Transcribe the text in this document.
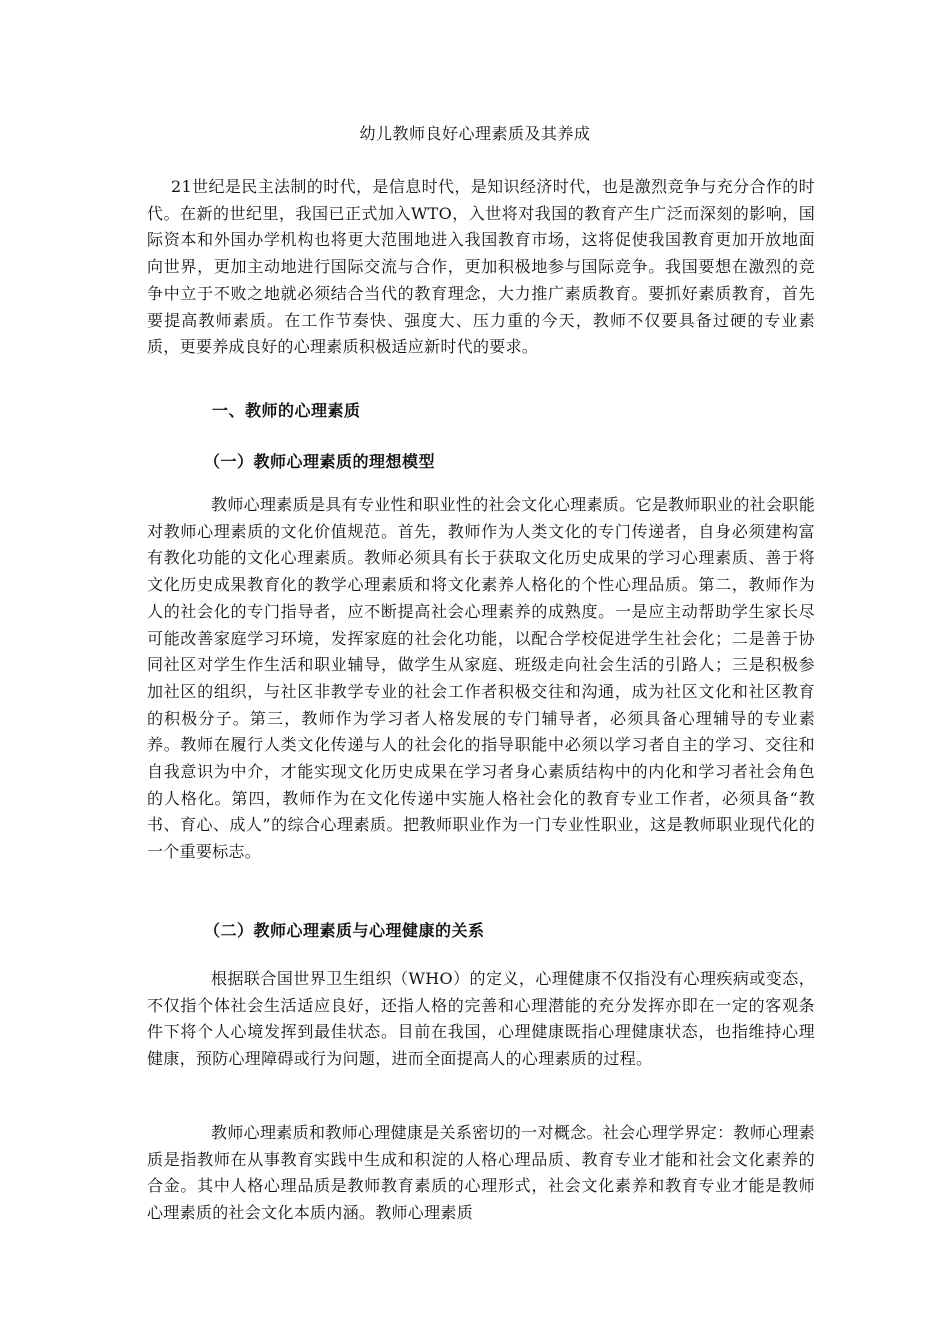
幼儿教师良好心理素质及其养成
21世纪是民主法制的时代，是信息时代，是知识经济时代，也是激烈竞争与充分合作的时代。在新的世纪里，我国已正式加入WTO，入世将对我国的教育产生广泛而深刻的影响，国际资本和外国办学机构也将更大范围地进入我国教育市场，这将促使我国教育更加开放地面向世界，更加主动地进行国际交流与合作，更加积极地参与国际竞争。我国要想在激烈的竞争中立于不败之地就必须结合当代的教育理念，大力推广素质教育。要抓好素质教育，首先要提高教师素质。在工作节奏快、强度大、压力重的今天，教师不仅要具备过硬的专业素质，更要养成良好的心理素质积极适应新时代的要求。
一、教师的心理素质
（一）教师心理素质的理想模型
教师心理素质是具有专业性和职业性的社会文化心理素质。它是教师职业的社会职能对教师心理素质的文化价值规范。首先，教师作为人类文化的专门传递者，自身必须建构富有教化功能的文化心理素质。教师必须具有长于获取文化历史成果的学习心理素质、善于将文化历史成果教育化的教学心理素质和将文化素养人格化的个性心理品质。第二，教师作为人的社会化的专门指导者，应不断提高社会心理素养的成熟度。一是应主动帮助学生家长尽可能改善家庭学习环境，发挥家庭的社会化功能，以配合学校促进学生社会化；二是善于协同社区对学生作生活和职业辅导，做学生从家庭、班级走向社会生活的引路人；三是积极参加社区的组织，与社区非教学专业的社会工作者积极交往和沟通，成为社区文化和社区教育的积极分子。第三，教师作为学习者人格发展的专门辅导者，必须具备心理辅导的专业素养。教师在履行人类文化传递与人的社会化的指导职能中必须以学习者自主的学习、交往和自我意识为中介，才能实现文化历史成果在学习者身心素质结构中的内化和学习者社会角色的人格化。第四，教师作为在文化传递中实施人格社会化的教育专业工作者，必须具备“教书、育心、成人”的综合心理素质。把教师职业作为一门专业性职业，这是教师职业现代化的一个重要标志。
（二）教师心理素质与心理健康的关系
根据联合国世界卫生组织（WHO）的定义，心理健康不仅指没有心理疾病或变态，不仅指个体社会生活适应良好，还指人格的完善和心理潜能的充分发挥亦即在一定的客观条件下将个人心境发挥到最佳状态。目前在我国，心理健康既指心理健康状态，也指维持心理健康，预防心理障碍或行为问题，进而全面提高人的心理素质的过程。
教师心理素质和教师心理健康是关系密切的一对概念。社会心理学界定：教师心理素质是指教师在从事教育实践中生成和积淀的人格心理品质、教育专业才能和社会文化素养的合金。其中人格心理品质是教师教育素质的心理形式，社会文化素养和教育专业才能是教师心理素质的社会文化本质内涵。教师心理素质
